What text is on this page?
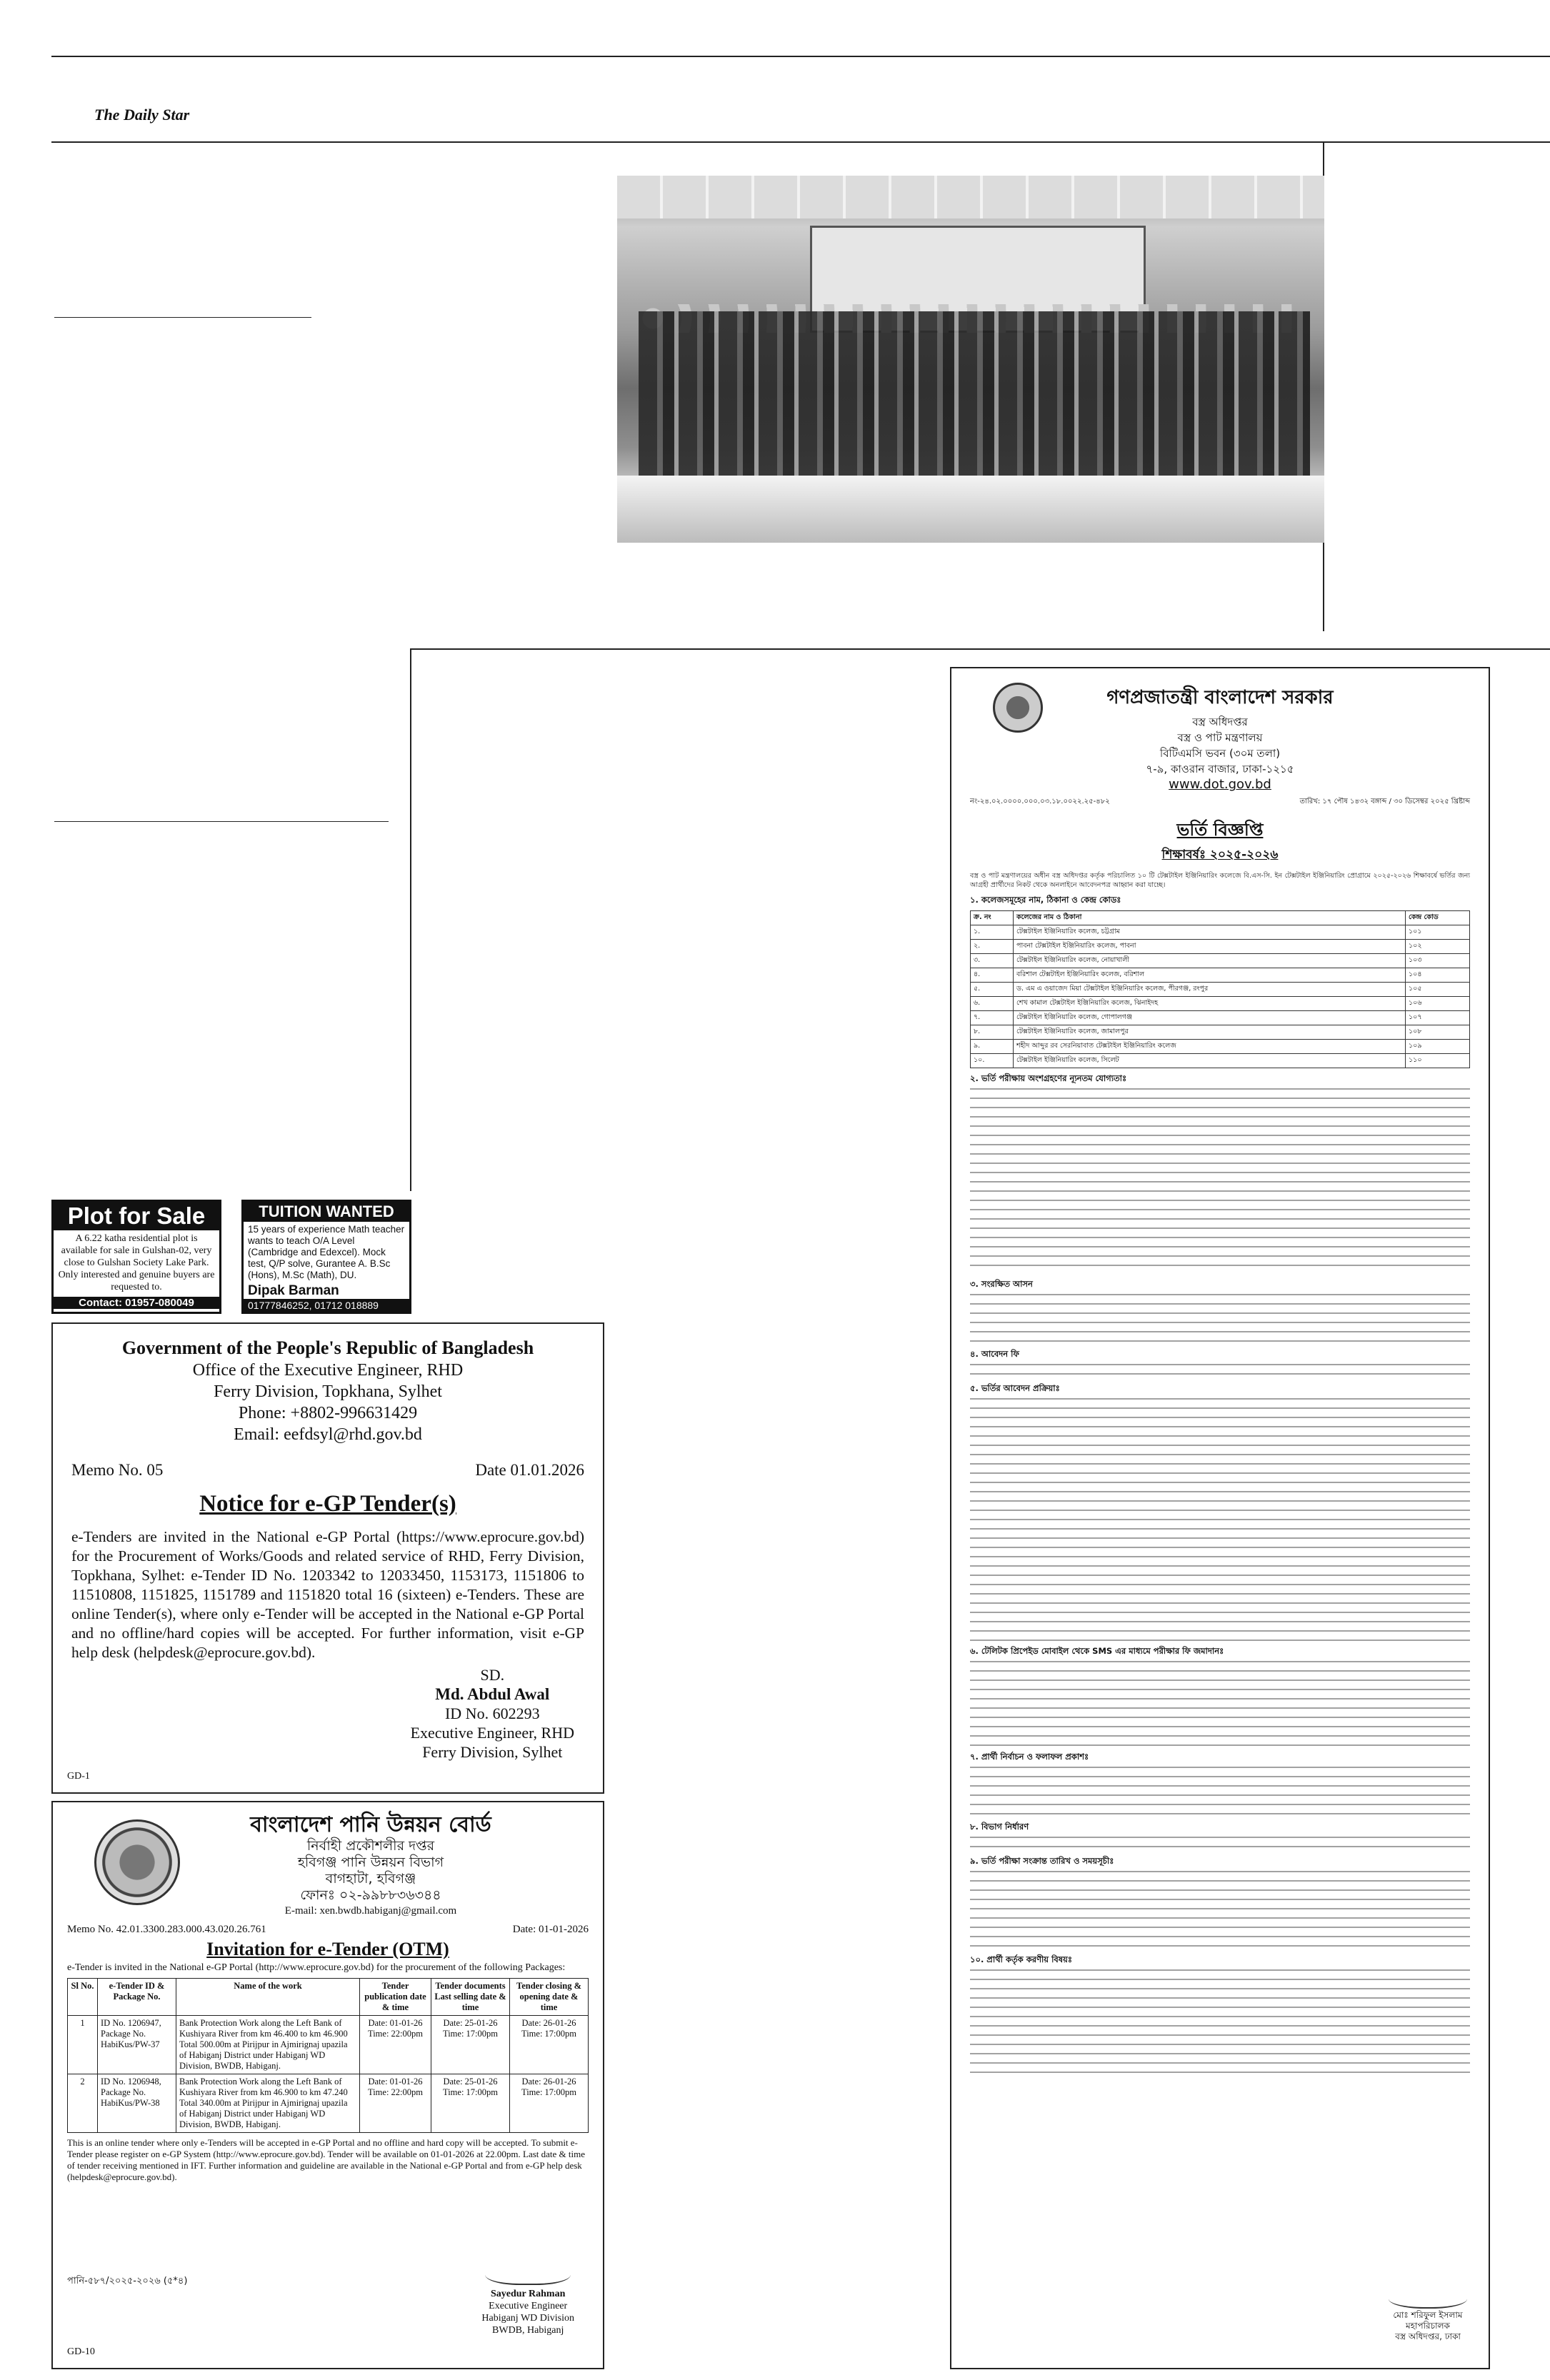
The Daily Star
Plot for Sale
A 6.22 katha residential plot is available for sale in Gulshan-02, very close to Gulshan Society Lake Park. Only interested and genuine buyers are requested to.
Contact: 01957-080049
TUITION WANTED
15 years of experience Math teacher wants to teach O/A Level (Cambridge and Edexcel). Mock test, Q/P solve, Gurantee A. B.Sc (Hons), M.Sc (Math), DU.
Dipak Barman
01777846252, 01712 018889
Government of the People's Republic of Bangladesh
Office of the Executive Engineer, RHD
Ferry Division, Topkhana, Sylhet
Phone: +8802-996631429
Email: eefdsyl@rhd.gov.bd
Memo No. 05	Date 01.01.2026
Notice for e-GP Tender(s)
e-Tenders are invited in the National e-GP Portal (https://www.eprocure.gov.bd) for the Procurement of Works/Goods and related service of RHD, Ferry Division, Topkhana, Sylhet: e-Tender ID No. 1203342 to 12033450, 1153173, 1151806 to 11510808, 1151825, 1151789 and 1151820 total 16 (sixteen) e-Tenders. These are online Tender(s), where only e-Tender will be accepted in the National e-GP Portal and no offline/hard copies will be accepted. For further information, visit e-GP help desk (helpdesk@eprocure.gov.bd).
SD.
Md. Abdul Awal
ID No. 602293
Executive Engineer, RHD
Ferry Division, Sylhet
GD-1
বাংলাদেশ পানি উন্নয়ন বোর্ড
নির্বাহী প্রকৌশলীর দপ্তর
হবিগঞ্জ পানি উন্নয়ন বিভাগ
বাগহাটা, হবিগঞ্জ
ফোনঃ ০২-৯৯৮৮৩৬৩৪৪
E-mail: xen.bwdb.habiganj@gmail.com
Memo No. 42.01.3300.283.000.43.020.26.761	Date: 01-01-2026
Invitation for e-Tender (OTM)
e-Tender is invited in the National e-GP Portal (http://www.eprocure.gov.bd) for the procurement of the following Packages:
Sl No.	e-Tender ID & Package No.	Name of the work	Tender publication date & time	Tender documents Last selling date & time	Tender closing & opening date & time
1	ID No. 1206947, Package No. HabiKus/PW-37	Bank Protection Work along the Left Bank of Kushiyara River from km 46.400 to km 46.900 Total 500.00m at Pirijpur in Ajmirignaj upazila of Habiganj District under Habiganj WD Division, BWDB, Habiganj.	Date: 01-01-26 Time: 22:00pm	Date: 25-01-26 Time: 17:00pm	Date: 26-01-26 Time: 17:00pm
2	ID No. 1206948, Package No. HabiKus/PW-38	Bank Protection Work along the Left Bank of Kushiyara River from km 46.900 to km 47.240 Total 340.00m at Pirijpur in Ajmirignaj upazila of Habiganj District under Habiganj WD Division, BWDB, Habiganj.	Date: 01-01-26 Time: 22:00pm	Date: 25-01-26 Time: 17:00pm	Date: 26-01-26 Time: 17:00pm
This is an online tender where only e-Tenders will be accepted in e-GP Portal and no offline and hard copy will be accepted. To submit e-Tender please register on e-GP System (http://www.eprocure.gov.bd). Tender will be available on 01-01-2026 at 22.00pm. Last date & time of tender receiving mentioned in IFT. Further information and guideline are available in the National e-GP Portal and from e-GP help desk (helpdesk@eprocure.gov.bd).
পানি-৫৮৭/২০২৫-২০২৬ (৫*৪)
Sayedur Rahman
Executive Engineer
Habiganj WD Division
BWDB, Habiganj
GD-10
গণপ্রজাতন্ত্রী বাংলাদেশ সরকার
বস্ত্র অধিদপ্তর
বস্ত্র ও পাট মন্ত্রণালয়
বিটিএমসি ভবন (৩০ম তলা)
৭-৯, কাওরান বাজার, ঢাকা-১২১৫
www.dot.gov.bd
নং-২৪.০২.০০০০.০০০.০৩.১৮.০০২২.২৫-৪৮২	তারিখ: ১৭ পৌষ ১৪৩২ বঙ্গাব্দ / ৩০ ডিসেম্বর ২০২৫ খ্রিষ্টাব্দ
ভর্তি বিজ্ঞপ্তি
শিক্ষাবর্ষঃ ২০২৫-২০২৬
বস্ত্র ও পাট মন্ত্রণালয়ের অধীন বস্ত্র অধিদপ্তর কর্তৃক পরিচালিত ১০ টি টেক্সটাইল ইঞ্জিনিয়ারিং কলেজে বি.এস-সি. ইন টেক্সটাইল ইঞ্জিনিয়ারিং প্রোগ্রামে ২০২৫-২০২৬ শিক্ষাবর্ষে ভর্তির জন্য আগ্রহী প্রার্থীদের নিকট থেকে অনলাইনে আবেদনপত্র আহ্বান করা যাচ্ছে।
১. কলেজসমূহের নাম, ঠিকানা ও কেন্দ্র কোডঃ
ক্র. নং	কলেজের নাম ও ঠিকানা	কেন্দ্র কোড
১.	টেক্সটাইল ইঞ্জিনিয়ারিং কলেজ, চট্টগ্রাম	১০১
২.	পাবনা টেক্সটাইল ইঞ্জিনিয়ারিং কলেজ, পাবনা	১০২
৩.	টেক্সটাইল ইঞ্জিনিয়ারিং কলেজ, নোয়াখালী	১০৩
৪.	বরিশাল টেক্সটাইল ইঞ্জিনিয়ারিং কলেজ, বরিশাল	১০৪
৫.	ড. এম এ ওয়াজেদ মিয়া টেক্সটাইল ইঞ্জিনিয়ারিং কলেজ, পীরগঞ্জ, রংপুর	১০৫
৬.	শেখ কামাল টেক্সটাইল ইঞ্জিনিয়ারিং কলেজ, ঝিনাইদহ	১০৬
৭.	টেক্সটাইল ইঞ্জিনিয়ারিং কলেজ, গোপালগঞ্জ	১০৭
৮.	টেক্সটাইল ইঞ্জিনিয়ারিং কলেজ, জামালপুর	১০৮
৯.	শহীদ আব্দুর রব সেরনিয়াবাত টেক্সটাইল ইঞ্জিনিয়ারিং কলেজ	১০৯
১০.	টেক্সটাইল ইঞ্জিনিয়ারিং কলেজ, সিলেট	১১০
২. ভর্তি পরীক্ষায় অংশগ্রহণের ন্যূনতম যোগ্যতাঃ
৩. সংরক্ষিত আসন
৪. আবেদন ফি
৫. ভর্তির আবেদন প্রক্রিয়াঃ
৬. টেলিটক প্রিপেইড মোবাইল থেকে SMS এর মাধ্যমে পরীক্ষার ফি জমাদানঃ
৭. প্রার্থী নির্বাচন ও ফলাফল প্রকাশঃ
৮. বিভাগ নির্ধারণ
৯. ভর্তি পরীক্ষা সংক্রান্ত তারিখ ও সময়সূচীঃ
১০. প্রার্থী কর্তৃক করণীয় বিষয়ঃ
মোঃ শরিফুল ইসলাম
মহাপরিচালক
বস্ত্র অধিদপ্তর, ঢাকা
